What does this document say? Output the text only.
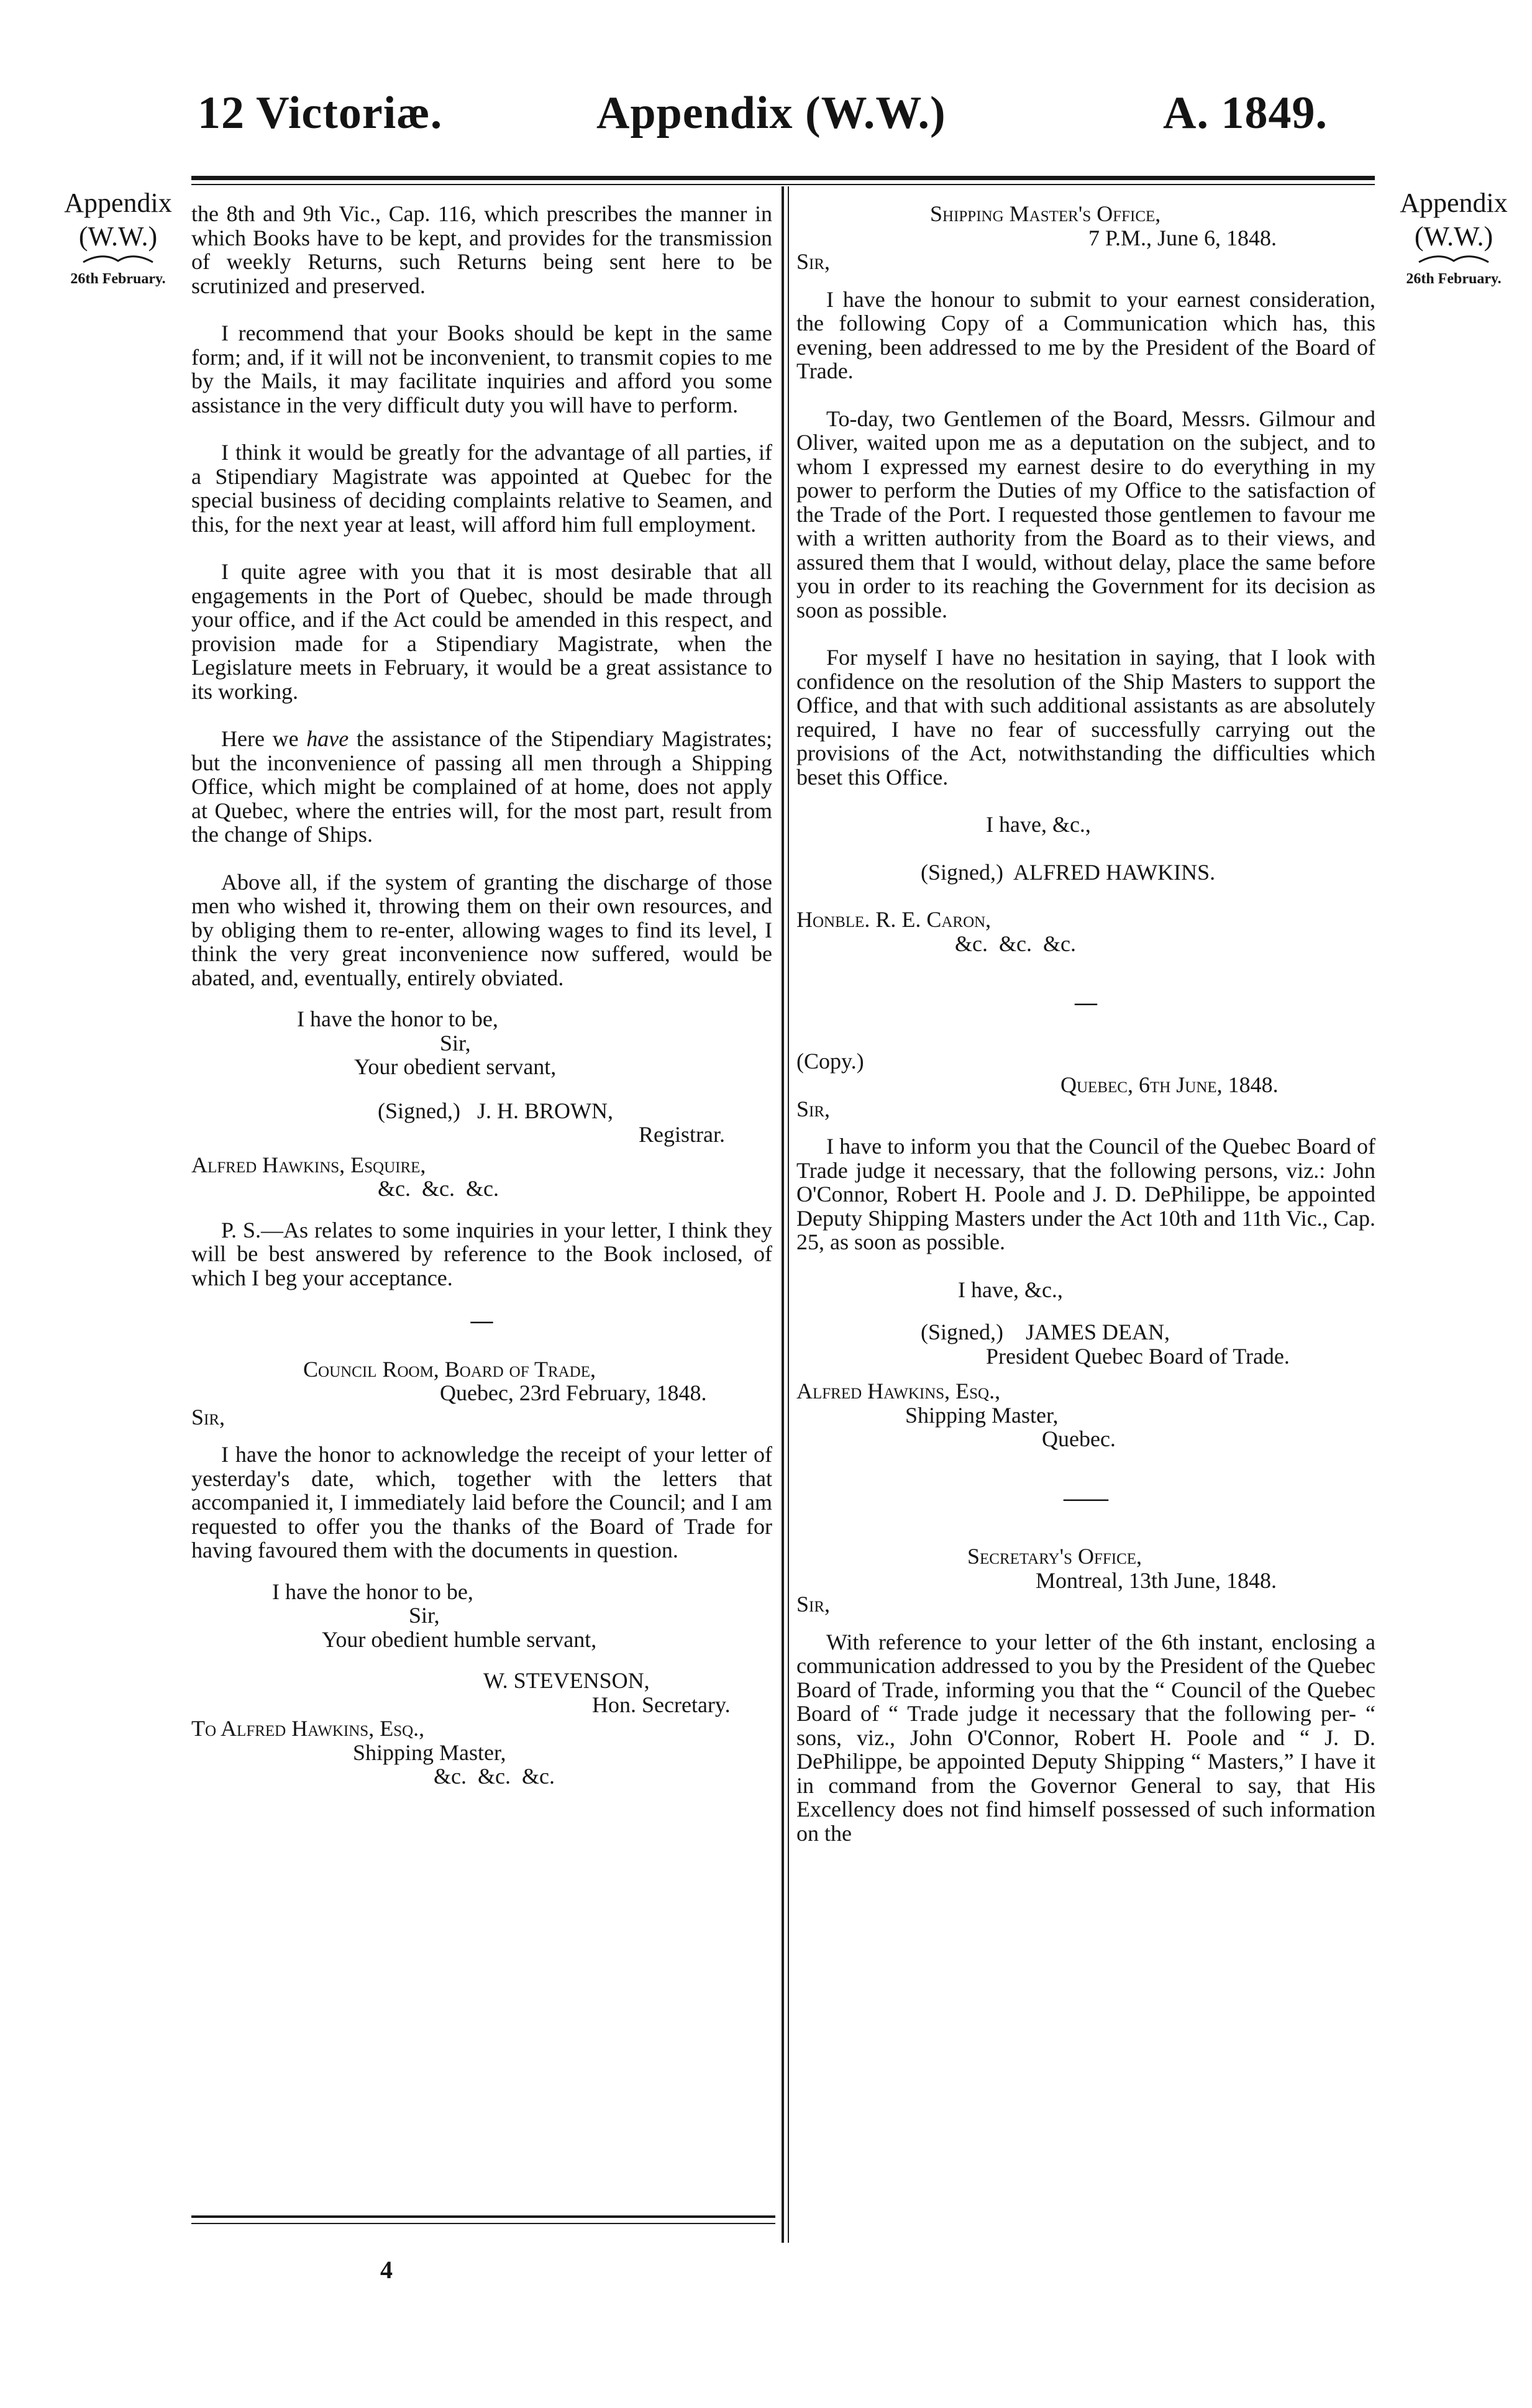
12 Victoriæ.	Appendix (W.W.)	A. 1849.
Appendix
(W.W.)
26th February.
Appendix
(W.W.)
26th February.

the 8th and 9th Vic., Cap. 116, which prescribes the manner in which Books have to be kept, and provides for the transmission of weekly Returns, such Returns being sent here to be scrutinized and preserved.

I recommend that your Books should be kept in the same form; and, if it will not be inconvenient, to transmit copies to me by the Mails, it may facilitate inquiries and afford you some assistance in the very difficult duty you will have to perform.

I think it would be greatly for the advantage of all parties, if a Stipendiary Magistrate was appointed at Quebec for the special business of deciding complaints relative to Seamen, and this, for the next year at least, will afford him full employment.

I quite agree with you that it is most desirable that all engagements in the Port of Quebec, should be made through your office, and if the Act could be amended in this respect, and provision made for a Stipendiary Magistrate, when the Legislature meets in February, it would be a great assistance to its working.

Here we have the assistance of the Stipendiary Magistrates; but the inconvenience of passing all men through a Shipping Office, which might be complained of at home, does not apply at Quebec, where the entries will, for the most part, result from the change of Ships.

Above all, if the system of granting the discharge of those men who wished it, throwing them on their own resources, and by obliging them to re-enter, allowing wages to find its level, I think the very great inconvenience now suffered, would be abated, and, eventually, entirely obviated.

I have the honor to be,
Sir,
Your obedient servant,
(Signed,)   J. H. BROWN,
Registrar.
Alfred Hawkins, Esquire,
&c.  &c.  &c.

P. S.—As relates to some inquiries in your letter, I think they will be best answered by reference to the Book inclosed, of which I beg your acceptance.

—
Council Room, Board of Trade,
Quebec, 23rd February, 1848.
Sir,

I have the honor to acknowledge the receipt of your letter of yesterday's date, which, together with the letters that accompanied it, I immediately laid before the Council; and I am requested to offer you the thanks of the Board of Trade for having favoured them with the documents in question.

I have the honor to be,
Sir,
Your obedient humble servant,
W. STEVENSON,
Hon. Secretary.
To Alfred Hawkins, Esq.,
Shipping Master,
&c.  &c.  &c.
4
Shipping Master's Office,
7 P.M., June 6, 1848.
Sir,

I have the honour to submit to your earnest consideration, the following Copy of a Communication which has, this evening, been addressed to me by the President of the Board of Trade.

To-day, two Gentlemen of the Board, Messrs. Gilmour and Oliver, waited upon me as a deputation on the subject, and to whom I expressed my earnest desire to do everything in my power to perform the Duties of my Office to the satisfaction of the Trade of the Port. I requested those gentlemen to favour me with a written authority from the Board as to their views, and assured them that I would, without delay, place the same before you in order to its reaching the Government for its decision as soon as possible.

For myself I have no hesitation in saying, that I look with confidence on the resolution of the Ship Masters to support the Office, and that with such additional assistants as are absolutely required, I have no fear of successfully carrying out the provisions of the Act, notwithstanding the difficulties which beset this Office.

I have, &c.,
(Signed,)  ALFRED HAWKINS.
Honble. R. E. Caron,
&c.  &c.  &c.
—
(Copy.)
Quebec, 6th June, 1848.
Sir,

I have to inform you that the Council of the Quebec Board of Trade judge it necessary, that the following persons, viz.: John O'Connor, Robert H. Poole and J. D. DePhilippe, be appointed Deputy Shipping Masters under the Act 10th and 11th Vic., Cap. 25, as soon as possible.

I have, &c.,
(Signed,)    JAMES DEAN,
President Quebec Board of Trade.
Alfred Hawkins, Esq.,
Shipping Master,
Quebec.
——
Secretary's Office,
Montreal, 13th June, 1848.
Sir,

With reference to your letter of the 6th instant, enclosing a communication addressed to you by the President of the Quebec Board of Trade, informing you that the “ Council of the Quebec Board of “ Trade judge it necessary that the following per- “ sons, viz., John O'Connor, Robert H. Poole and “ J. D. DePhilippe, be appointed Deputy Shipping “ Masters,” I have it in command from the Governor General to say, that His Excellency does not find himself possessed of such information on the
